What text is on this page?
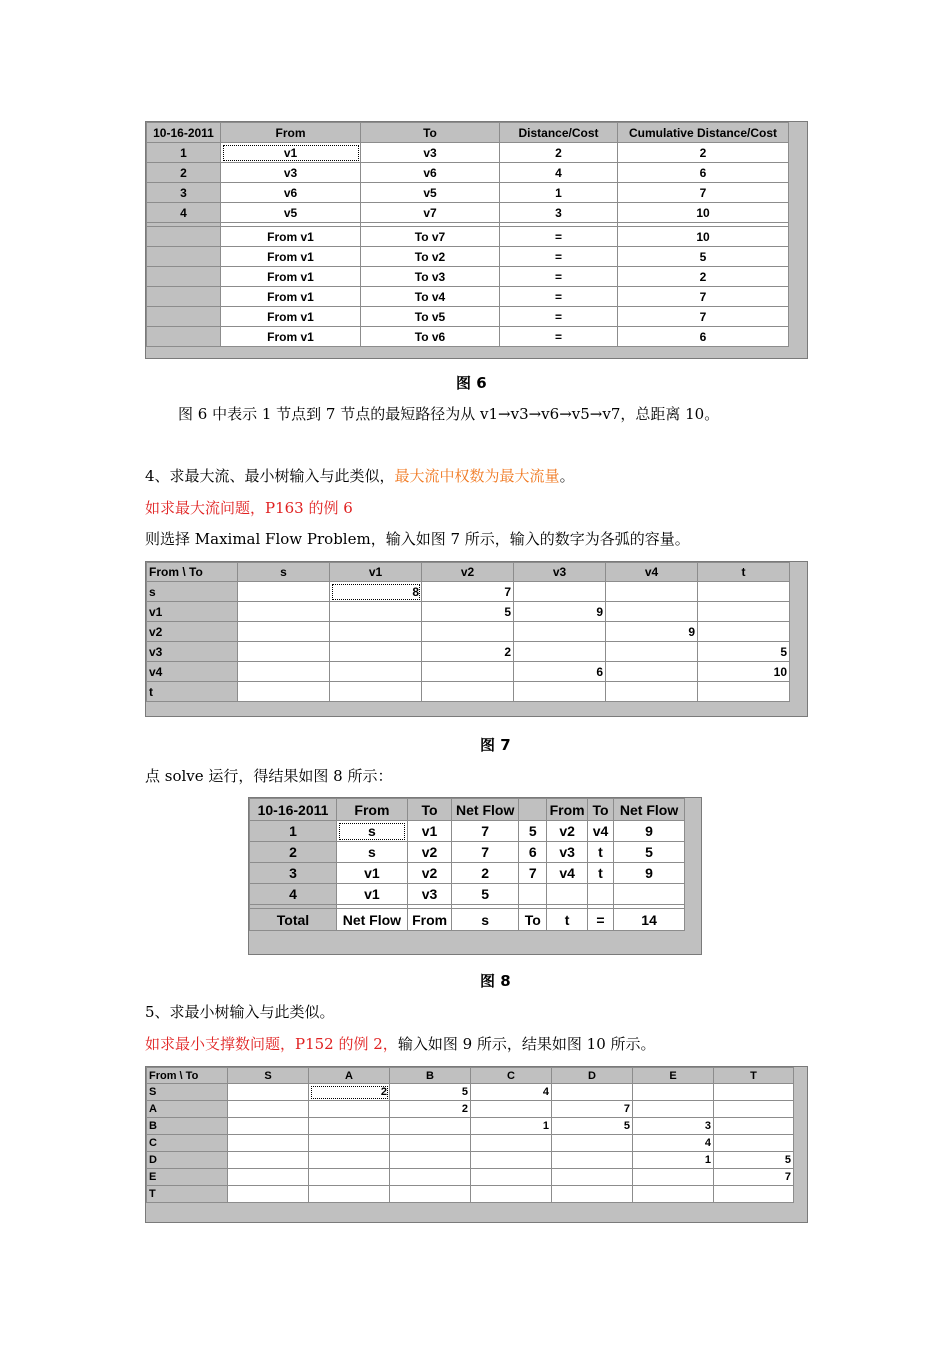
10-16-2011	From	To	Distance/Cost	Cumulative Distance/Cost
1	v1	v3	2	2
2	v3	v6	4	6
3	v6	v5	1	7
4	v5	v7	3	10

	From v1	To v7	=	10
	From v1	To v2	=	5
	From v1	To v3	=	2
	From v1	To v4	=	7
	From v1	To v5	=	7
	From v1	To v6	=	6
图 6
图 6 中表示 1 节点到 7 节点的最短路径为从 v1→v3→v6→v5→v7，总距离 10。
4、求最大流、最小树输入与此类似，最大流中权数为最大流量。
如求最大流问题，P163 的例 6
则选择 Maximal Flow Problem，输入如图 7 所示，输入的数字为各弧的容量。
From \ To	s	v1	v2	v3	v4	t
s		8	7			
v1			5	9		
v2					9	
v3			2			5
v4				6		10
t						
图 7
点 solve 运行，得结果如图 8 所示：
10-16-2011	From	To	Net Flow		From	To	Net Flow
1	s	v1	7	5	v2	v4	9
2	s	v2	7	6	v3	t	5
3	v1	v2	2	7	v4	t	9
4	v1	v3	5				

Total	Net Flow	From	s	To	t	=	14
图 8
5、求最小树输入与此类似。
如求最小支撑数问题，P152 的例 2，输入如图 9 所示，结果如图 10 所示。
From \ To	S	A	B	C	D	E	T
S		2	5	4			
A			2		7		
B				1	5	3	
C						4	
D						1	5
E							7
T							
